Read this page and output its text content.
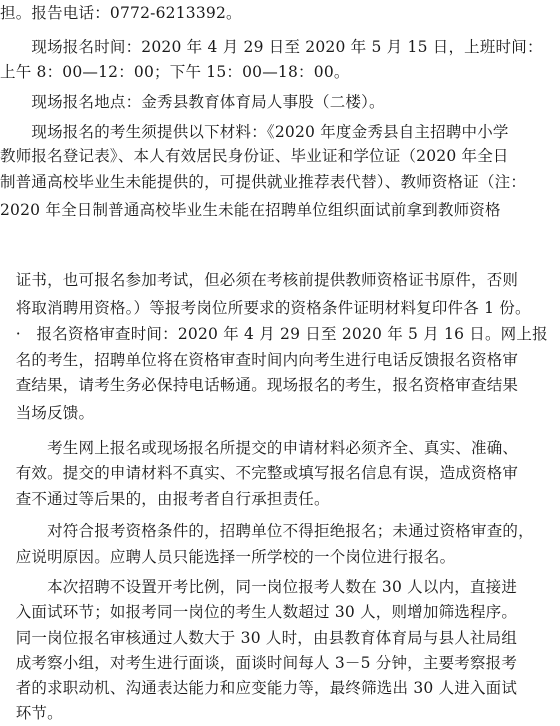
担。报告电话：0772-6213392。
　　现场报名时间：2020 年 4 月 29 日至 2020 年 5 月 15 日，上班时间：
上午 8：00—12：00；下午 15：00—18：00。
　　现场报名地点：金秀县教育体育局人事股（二楼）。
　　现场报名的考生须提供以下材料：《2020 年度金秀县自主招聘中小学
教师报名登记表》、本人有效居民身份证、毕业证和学位证（2020 年全日
制普通高校毕业生未能提供的，可提供就业推荐表代替）、教师资格证（注：
2020 年全日制普通高校毕业生未能在招聘单位组织面试前拿到教师资格
　证书，也可报名参加考试，但必须在考核前提供教师资格证书原件，否则
　将取消聘用资格。）等报考岗位所要求的资格条件证明材料复印件各 1 份。
　·　报名资格审查时间：2020 年 4 月 29 日至 2020 年 5 月 16 日。网上报
　名的考生，招聘单位将在资格审查时间内向考生进行电话反馈报名资格审
　查结果，请考生务必保持电话畅通。现场报名的考生，报名资格审查结果
　当场反馈。
　　　考生网上报名或现场报名所提交的申请材料必须齐全、真实、准确、
　有效。提交的申请材料不真实、不完整或填写报名信息有误，造成资格审
　查不通过等后果的，由报考者自行承担责任。
　　　对符合报考资格条件的，招聘单位不得拒绝报名；未通过资格审查的，
　应说明原因。应聘人员只能选择一所学校的一个岗位进行报名。
　　　本次招聘不设置开考比例，同一岗位报考人数在 30 人以内，直接进
　入面试环节；如报考同一岗位的考生人数超过 30 人，则增加筛选程序。
　同一岗位报名审核通过人数大于 30 人时，由县教育体育局与县人社局组
　成考察小组，对考生进行面谈，面谈时间每人 3－5 分钟，主要考察报考
　者的求职动机、沟通表达能力和应变能力等，最终筛选出 30 人进入面试
　环节。
